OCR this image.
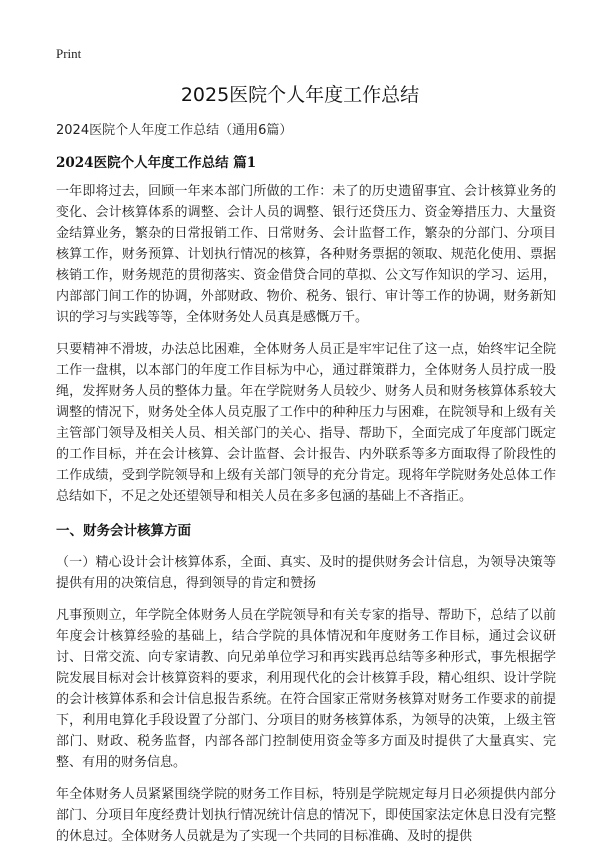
Print
2025医院个人年度工作总结

2024医院个人年度工作总结（通用6篇）

2024医院个人年度工作总结 篇1

一年即将过去，回顾一年来本部门所做的工作：未了的历史遗留事宜、会计核算业务的变化、会计核算体系的调整、会计人员的调整、银行还贷压力、资金筹措压力、大量资金结算业务，繁杂的日常报销工作、日常财务、会计监督工作，繁杂的分部门、分项目核算工作，财务预算、计划执行情况的核算，各种财务票据的领取、规范化使用、票据核销工作，财务规范的贯彻落实、资金借贷合同的草拟、公文写作知识的学习、运用，内部部门间工作的协调，外部财政、物价、税务、银行、审计等工作的协调，财务新知识的学习与实践等等，全体财务处人员真是感慨万千。

只要精神不滑坡，办法总比困难，全体财务人员正是牢牢记住了这一点，始终牢记全院工作一盘棋，以本部门的年度工作目标为中心，通过群策群力，全体财务人员拧成一股绳，发挥财务人员的整体力量。年在学院财务人员较少、财务人员和财务核算体系较大调整的情况下，财务处全体人员克服了工作中的种种压力与困难，在院领导和上级有关主管部门领导及相关人员、相关部门的关心、指导、帮助下，全面完成了年度部门既定的工作目标，并在会计核算、会计监督、会计报告、内外联系等多方面取得了阶段性的工作成绩，受到学院领导和上级有关部门领导的充分肯定。现将年学院财务处总体工作总结如下，不足之处还望领导和相关人员在多多包涵的基础上不吝指正。

一、财务会计核算方面

（一）精心设计会计核算体系，全面、真实、及时的提供财务会计信息，为领导决策等提供有用的决策信息，得到领导的肯定和赞扬

凡事预则立，年学院全体财务人员在学院领导和有关专家的指导、帮助下，总结了以前年度会计核算经验的基础上，结合学院的具体情况和年度财务工作目标，通过会议研讨、日常交流、向专家请教、向兄弟单位学习和再实践再总结等多种形式，事先根据学院发展目标对会计核算资料的要求，利用现代化的会计核算手段，精心组织、设计学院的会计核算体系和会计信息报告系统。在符合国家正常财务核算对财务工作要求的前提下，利用电算化手段设置了分部门、分项目的财务核算体系，为领导的决策，上级主管部门、财政、税务监督，内部各部门控制使用资金等多方面及时提供了大量真实、完整、有用的财务信息。

年全体财务人员紧紧围绕学院的财务工作目标，特别是学院规定每月日必须提供内部分部门、分项目年度经费计划执行情况统计信息的情况下，即使国家法定休息日没有完整的休息过。全体财务人员就是为了实现一个共同的目标准确、及时的提供
